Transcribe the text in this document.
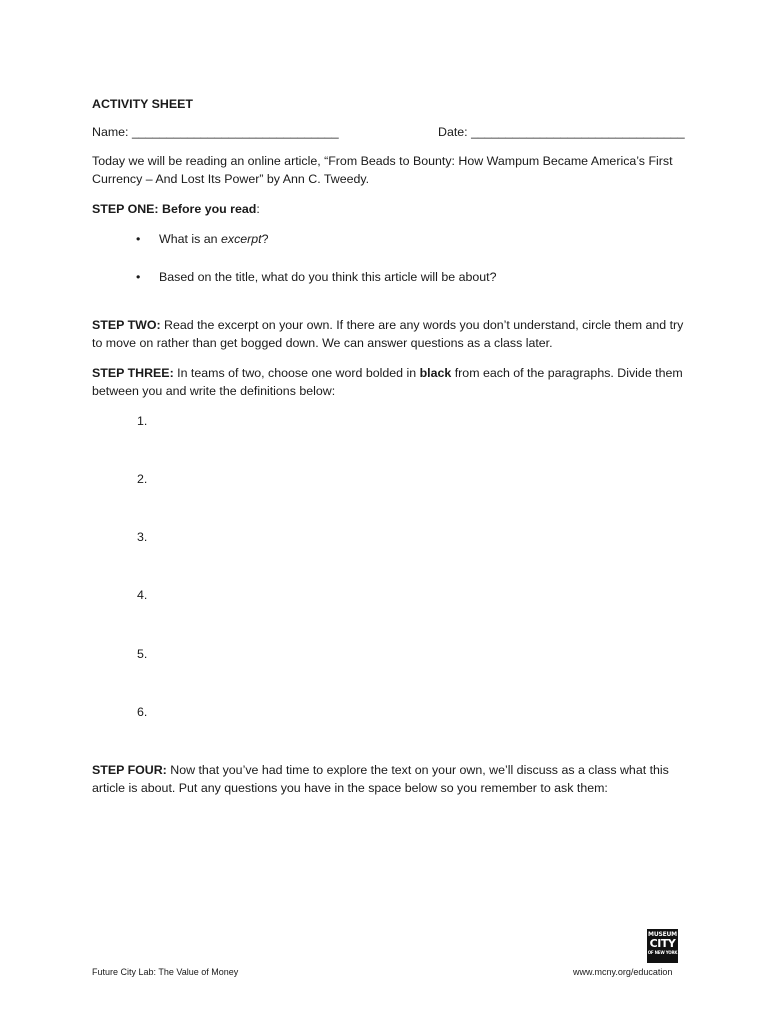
ACTIVITY SHEET
Name: ______________________________	Date: _______________________________
Today we will be reading an online article, “From Beads to Bounty: How Wampum Became America’s First Currency – And Lost Its Power” by Ann C. Tweedy.
STEP ONE: Before you read:
• What is an excerpt?
• Based on the title, what do you think this article will be about?
STEP TWO: Read the excerpt on your own. If there are any words you don’t understand, circle them and try to move on rather than get bogged down. We can answer questions as a class later.
STEP THREE: In teams of two, choose one word bolded in black from each of the paragraphs. Divide them between you and write the definitions below:
1.
2.
3.
4.
5.
6.
STEP FOUR: Now that you’ve had time to explore the text on your own, we’ll discuss as a class what this article is about. Put any questions you have in the space below so you remember to ask them:
MUSEUM
CITY
OF NEW YORK
Future City Lab: The Value of Money	www.mcny.org/education
